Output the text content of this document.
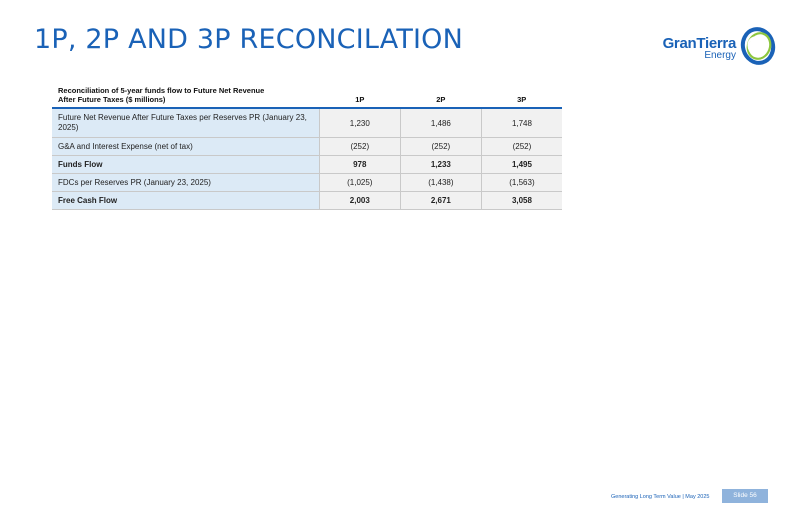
1P, 2P AND 3P RECONCILATION	GranTierra
Energy
Reconciliation of 5-year funds flow to Future Net Revenue
After Future Taxes ($ millions)	1P	2P	3P
Future Net Revenue After Future Taxes per Reserves PR (January 23, 2025)	1,230	1,486	1,748
G&A and Interest Expense (net of tax)	(252)	(252)	(252)
Funds Flow	978	1,233	1,495
FDCs per Reserves PR (January 23, 2025)	(1,025)	(1,438)	(1,563)
Free Cash Flow	2,003	2,671	3,058
Generating Long Term Value | May 2025	Slide 56
